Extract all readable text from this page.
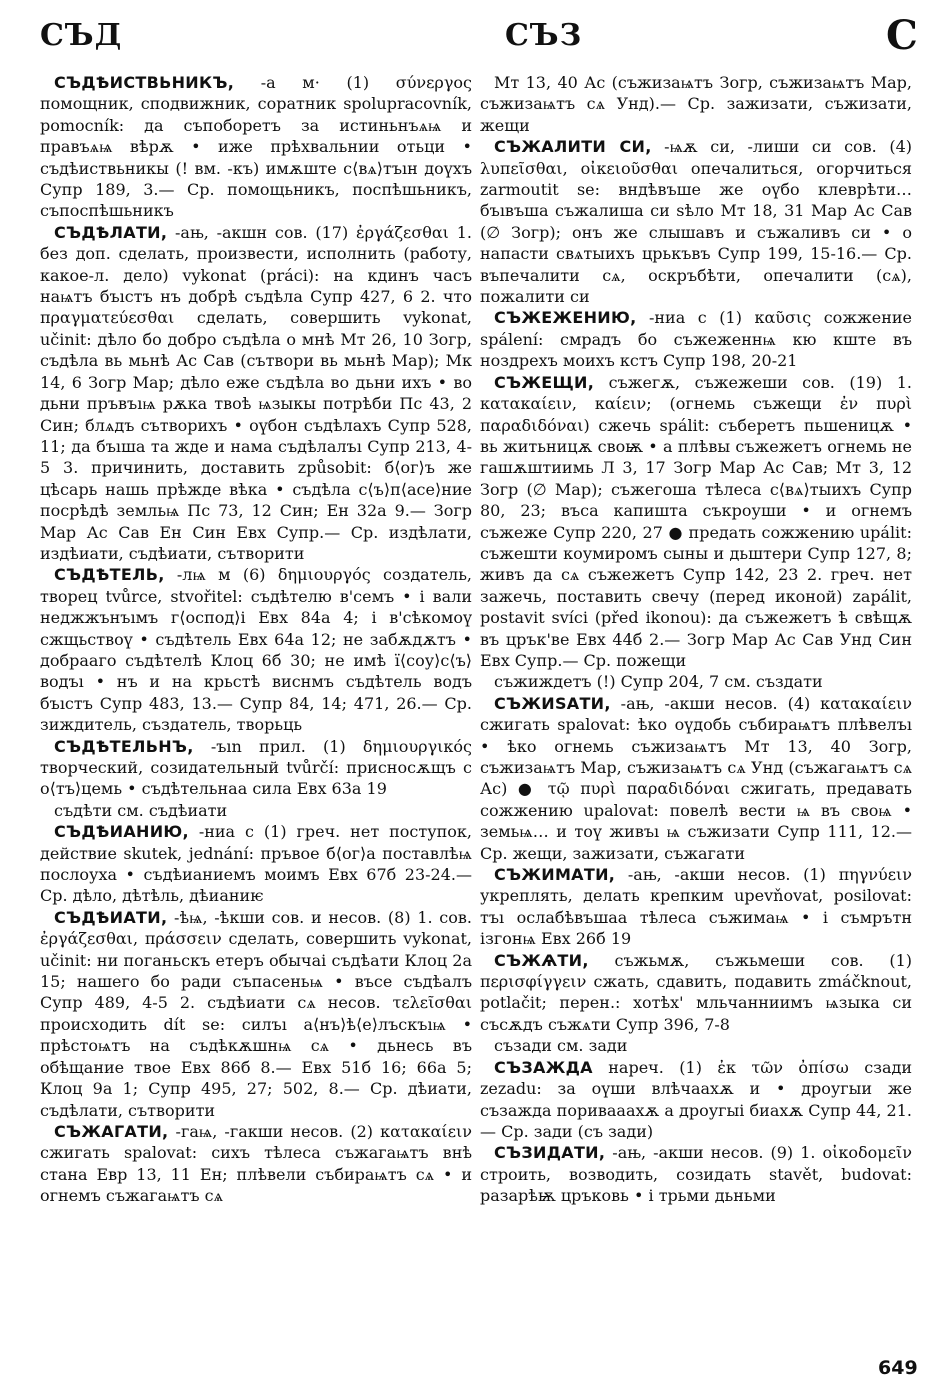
СЪД	СЪЗ	С

СЪДѢИСТВЬНИКЪ, -а м· (1) σύνεργος помощник, сподвижник, соратник spolupracovník, pomocník: да съпоборетъ за истиньнъѧѩ и правъѧѩ вѣрѫ • иже прѣхвальнии отьци • съдѣиствьникы (! вм. -къ) имѫште с⟨вѧ⟩тъıн доүхъ Супр 189, 3.— Ср. помощьникъ, поспѣшьникъ, съпоспѣшьникъ

СЪДѢЛАТИ, -ањ, -акшн сов. (17) ἐργάζεσθαι 1. без доп. сделать, произвести, исполнить (работу, какое-л. дело) vykonat (práci): на кдинъ часъ наѩтъ бъıстъ нъ добрѣ съдѣла Супр 427, 6 2. что πραγματεύεσθαι сделать, совершить vykonat, učinit: дѣло бо добро съдѣла о мнѣ Мт 26, 10 Зогр, съдѣла вь мьнѣ Ас Сав (сътвори вь мьнѣ Мар); Мк 14, 6 Зогр Мар; дѣло еже съдѣла во дьни ихъ • во дьни пръвъıѩ рѫка твоѣ ѩзыкы потрѣби Пс 43, 2 Син; блѧдъ сътворихъ • оүбон съдѣлахъ Супр 528, 11; да бъıша та жде и нама съдѣлалъı Супр 213, 4-5 3. причинить, доставить způsobit: б⟨ог⟩ъ же цѣсарь нашь прѣжде вѣка • съдѣла с⟨ъ⟩п⟨асе⟩ние посрѣдѣ земльѩ Пс 73, 12 Син; Ен 32а 9.— Зогр Мар Ас Сав Ен Син Евх Супр.— Ср. издѣлати, издѣиати, съдѣиати, сътворити

СЪДѢТЕЛЬ, -лѩ м (6) δημιουργός создатель, творец tvůrce, stvořitel: съдѣтелю в'семъ • і вали неджжънъıмъ г⟨оспод⟩і Евх 84а 4; і в'сѣкомоү сжщьствоү • съдѣтель Евх 64а 12; не забѫдѫтъ • добрааго съдѣтелѣ Клоц 6б 30; не имѣ ї⟨соу⟩с⟨ъ⟩ водъı • нъ и на крьстѣ виснмъ съдѣтель водъ бъıстъ Супр 483, 13.— Супр 84, 14; 471, 26.— Ср. зиждитель, създатель, творьць

СЪДѢТЕЛЬНЪ, -ъın прил. (1) δημιουργικός творческий, созидательный tvůrčí: присносѫщъ с о⟨тъ⟩цемь • съдѣтельнаа сила Евх 63а 19

съдѣти см. съдѣиати

СЪДѢИАНИЮ, -ниа с (1) греч. нет поступок, действие skutek, jednání: пръвое б⟨ог⟩а поставлѣѩ послоуха • съдѣианиемъ моимъ Евх 67б 23-24.— Ср. дѣло, дѣтѣль, дѣианиѥ

СЪДѢИАТИ, -ѣѩ, -ѣкши сов. и несов. (8) 1. сов. ἐργάζεσθαι, πράσσειν сделать, совершить vykonat, učinit: ни поганьскъ етеръ обычаі съдѣати Клоц 2а 15; нашего бо ради съпасеньѩ • въсе съдѣалъ Супр 489, 4-5 2. съдѣиати сѧ несов. τελεῖσθαι происходить dít se: силъı а⟨нъ⟩ѣ⟨е⟩лъскъıѩ • прѣстоѩтъ на съдѣкѫшнѩ сѧ • дьнесь въ обѣщание твое Евх 86б 8.— Евх 51б 16; 66а 5; Клоц 9а 1; Супр 495, 27; 502, 8.— Ср. дѣиати, съдѣлати, сътворити

СЪЖАГАТИ, -гаѩ, -гакши несов. (2) κατακαίειν сжигать spalovat: сихъ тѣлеса съжагаѩтъ внѣ стана Евр 13, 11 Ен; плѣвели събираѩтъ сѧ • и огнемъ съжагаѩтъ сѧ

Мт 13, 40 Ас (съжизаѩтъ Зогр, съжизаѩтъ Мар, съжизаѩтъ сѧ Унд).— Ср. зажизати, съжизати, жещи

СЪЖАЛИТИ СИ, -ѩѫ си, -лиши си сов. (4) λυπεῖσθαι, οἰκειοῦσθαι опечалиться, огорчиться zarmoutit se: вндѣвъше же оүбо клеврѣти… бъıвъша съжалиша си ѕѣло Мт 18, 31 Мар Ас Сав (∅ Зогр); онъ же слышавъ и съжаливъ си • о напасти свѧтыихъ црькъвъ Супр 199, 15-16.— Ср. въпечалити сѧ, оскръбѣти, опечалити (сѧ), пожалити си

СЪЖЕЖЕНИЮ, -ниа с (1) καῦσις сожжение spálení: смрадъ бо съжеженнѩ кю кште въ ноздрехъ моихъ кстъ Супр 198, 20-21

СЪЖЕЩИ, съжегѫ, съжежеши сов. (19) 1. κατακαίειν, καίειν; (огнемь съжещи ἐν πυρὶ παραδιδόναι) сжечь spálit: съберетъ пьшеницѫ • вь житьницѫ своѭ • а плѣвы съжежетъ огнемь не гашѫштиимь Л 3, 17 Зогр Мар Ас Сав; Мт 3, 12 Зогр (∅ Мар); съжегоша тѣлеса с⟨вѧ⟩тыихъ Супр 80, 23; въса капишта съкроуши • и огнемъ съжеже Супр 220, 27 ● предать сожжению upálit: съжешти коумиромъ сыны и дьштери Супр 127, 8; живъ да сѧ съжежетъ Супр 142, 23 2. греч. нет зажечь, поставить свечу (перед иконой) zapálit, postavit svíci (před ikonou): да съжежетъ ѣ свѣщѫ въ црък'ве Евх 44б 2.— Зогр Мар Ас Сав Унд Син Евх Супр.— Ср. пожещи

съжиждетъ (!) Супр 204, 7 см. създати

СЪЖИЅАТИ, -ањ, -акши несов. (4) κατακαίειν сжигать spalovat: ѣко оүдобь събираѩтъ плѣвелъı • ѣко огнемь съжизаѩтъ Мт 13, 40 Зогр, съжизаѩтъ Мар, съжизаѩтъ сѧ Унд (съжагаѩтъ сѧ Ас) ● τῷ πυρὶ παραδιδόναι сжигать, предавать сожжению upalovat: повелѣ вести ѩ въ своѩ • земьѩ… и тоү живъı ѩ съжизати Супр 111, 12.— Ср. жещи, зажизати, съжагати

СЪЖИМАТИ, -ањ, -акши несов. (1) πηγνύειν укреплять, делать крепким upevňovat, posilovat: тъı ослабѣвъшаа тѣлеса съжимаѩ • і съмрътн ізгонѩ Евх 26б 19

СЪЖѦТИ, съжьмѫ, съжьмеши сов. (1) περισφίγγειν сжать, сдавить, подавить zmáčknout, potlačit; перен.: хотѣх' мльчанниимъ ѩзыка си съсѫдъ съжѧти Супр 396, 7-8

съзади см. зади

СЪЗАЖДА нареч. (1) ἐκ τῶν ὀπίσω сзади zezadu: за оүши влѣчаахѫ и • дроугыи же съзажда поривааахѫ а дроугыі биахѫ Супр 44, 21.— Ср. зади (съ зади)

СЪЗИДАТИ, -ањ, -акши несов. (9) 1. οἰκοδομεῖν строить, возводить, созидать stavět, budovat: разарѣѭ цръковь • і трьми дьньми

649
